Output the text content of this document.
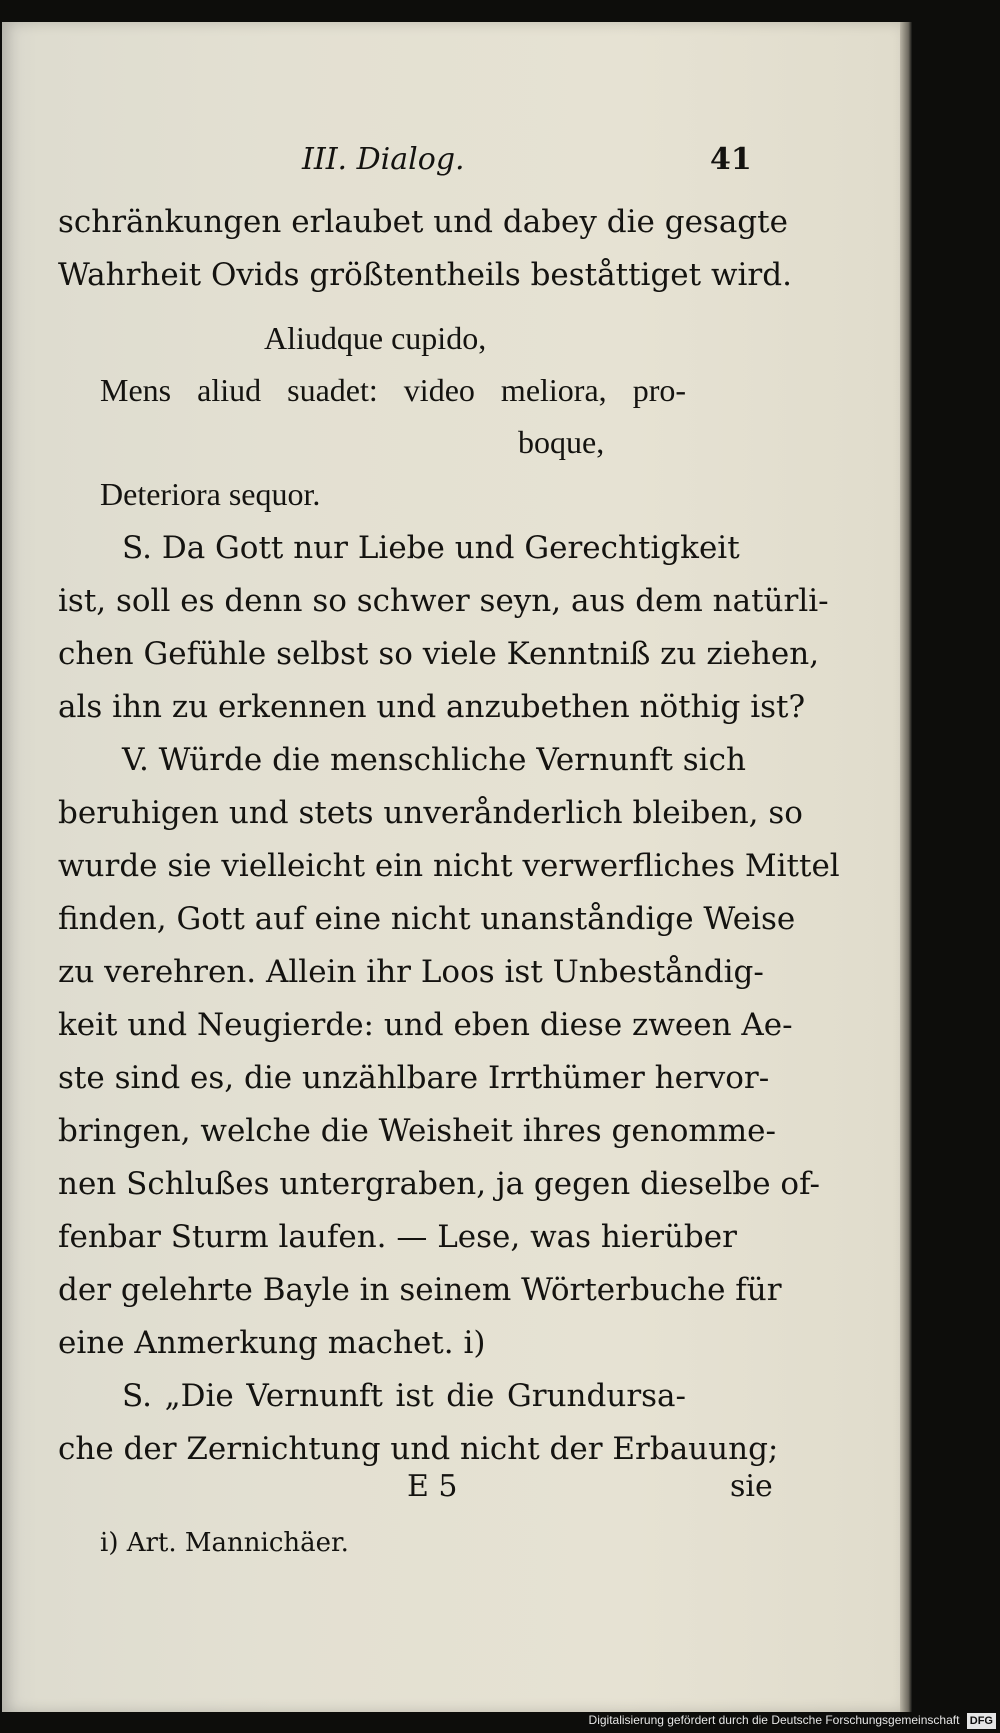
III. Dialog.	41
schränkungen erlaubet und dabey die gesagte
Wahrheit Ovids größtentheils beståttiget wird.
Aliudque cupido,
Mens aliud suadet: video meliora, pro-
boque,
Deteriora sequor.
S. Da Gott nur Liebe und Gerechtigkeit
ist, soll es denn so schwer seyn, aus dem natürli-
chen Gefühle selbst so viele Kenntniß zu ziehen,
als ihn zu erkennen und anzubethen nöthig ist?
V. Würde die menschliche Vernunft sich
beruhigen und stets unverånderlich bleiben, so
wurde sie vielleicht ein nicht verwerfliches Mittel
finden, Gott auf eine nicht unanståndige Weise
zu verehren. Allein ihr Loos ist Unbeståndig-
keit und Neugierde: und eben diese zween Ae-
ste sind es, die unzählbare Irrthümer hervor-
bringen, welche die Weisheit ihres genomme-
nen Schlußes untergraben, ja gegen dieselbe of-
fenbar Sturm laufen. — Lese, was hierüber
der gelehrte Bayle in seinem Wörterbuche für
eine Anmerkung machet. i)
S. „Die Vernunft ist die Grundursa-
che der Zernichtung und nicht der Erbauung;
E 5	sie
i) Art. Mannichäer.
Digitalisierung gefördert durch die Deutsche Forschungsgemeinschaft DFG
